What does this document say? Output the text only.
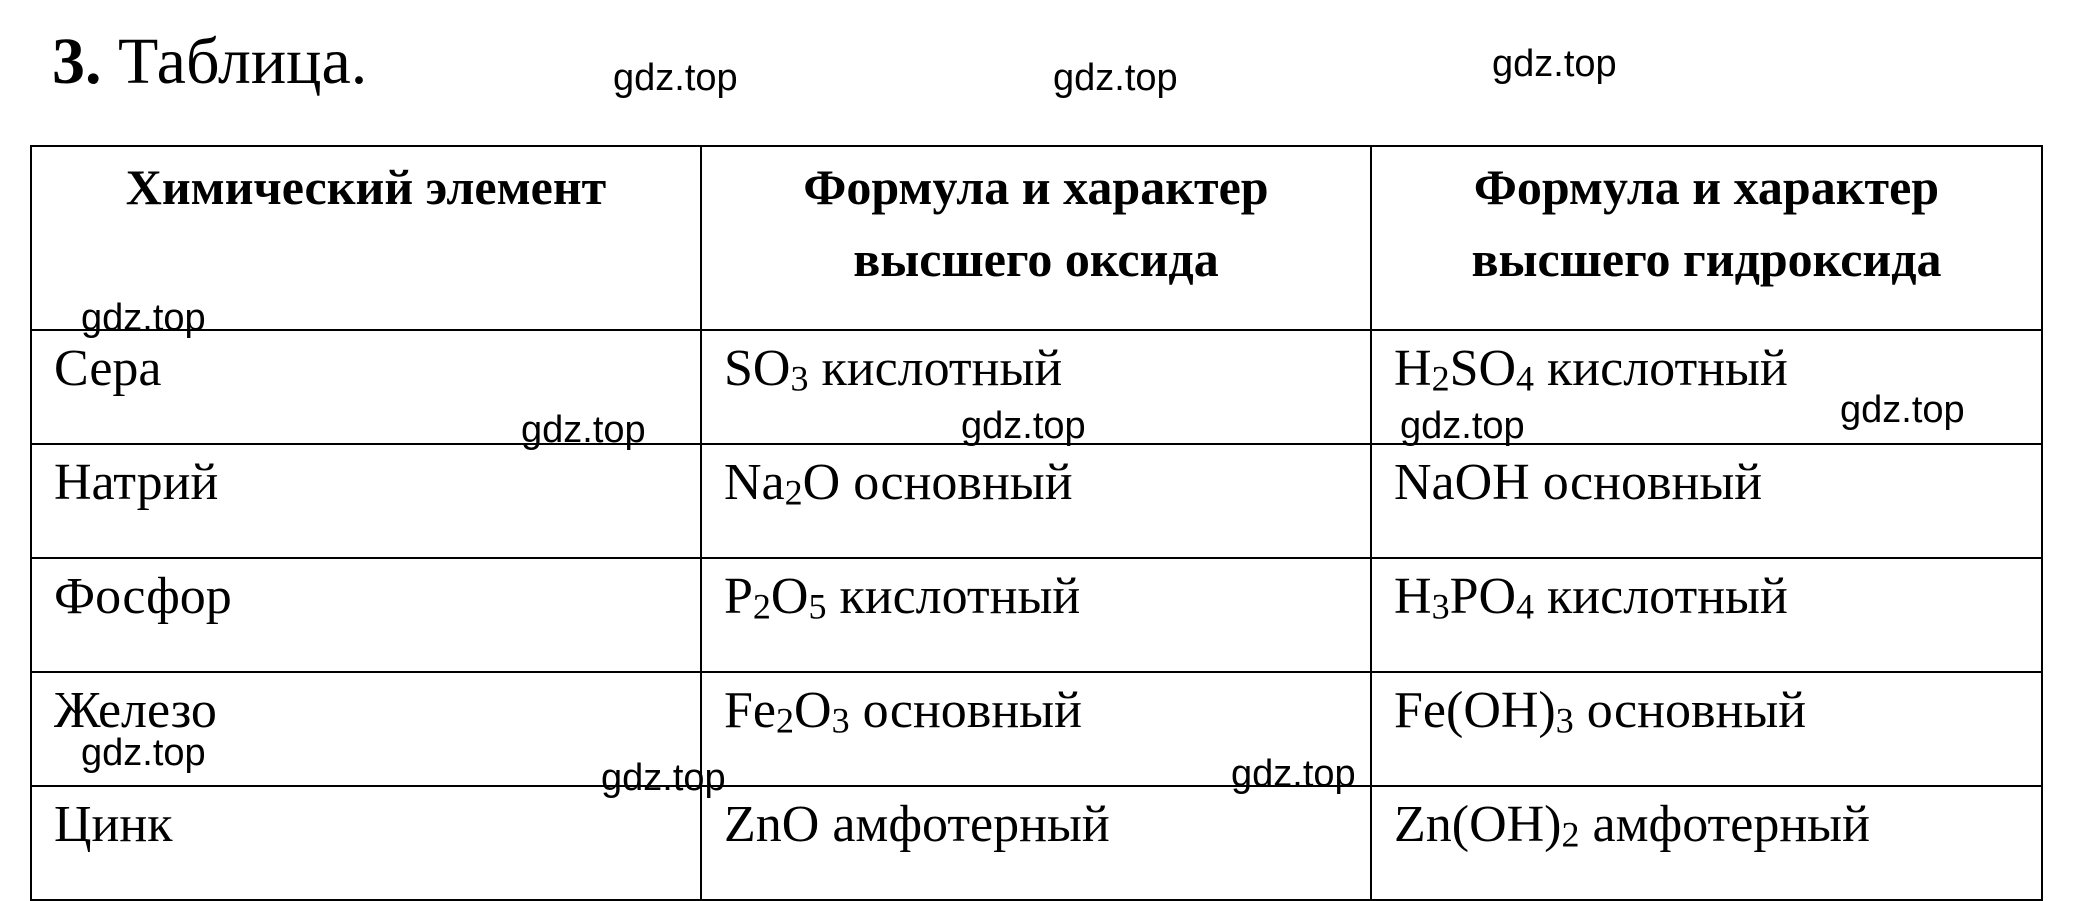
3. Таблица.
Химический элемент	Формула и характер высшего оксида	Формула и характер высшего гидроксида
Сера	$SO_3$ кислотный	$H_2SO_4$ кислотный
Натрий	$Na_2O$ основный	NaOH основный
Фосфор	$P_2O_5$ кислотный	$H_3PO_4$ кислотный
Железо	$Fe_2O_3$ основный	$Fe(OH)_3$ основный
Цинк	ZnO амфотерный	$Zn(OH)_2$ амфотерный
gdz.top	gdz.top	gdz.top
gdz.top
gdz.top	gdz.top	gdz.top	gdz.top
gdz.top
gdz.top	gdz.top
